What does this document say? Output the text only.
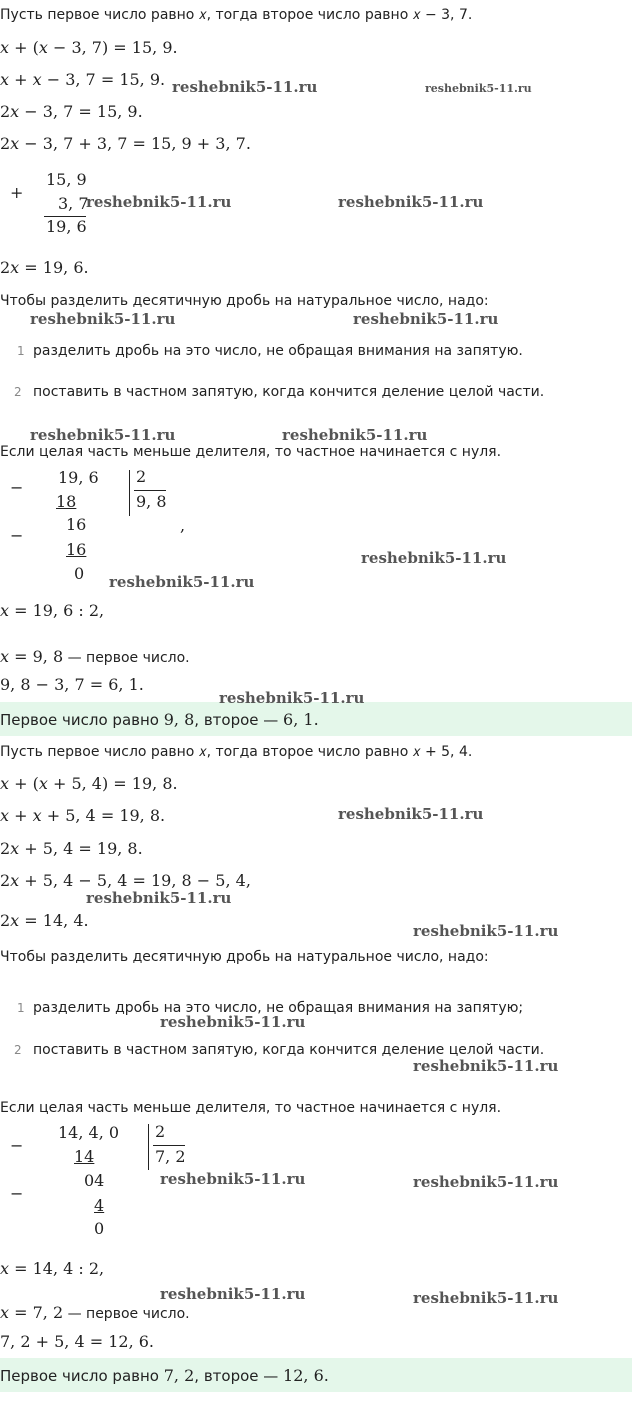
Пусть первое число равно 𝑥, тогда второе число равно 𝑥 − 3, 7.
𝑥 + (𝑥 − 3, 7) = 15, 9.
𝑥 + 𝑥 − 3, 7 = 15, 9.
2𝑥 − 3, 7 = 15, 9.
2𝑥 − 3, 7 + 3, 7 = 15, 9 + 3, 7.
+
15, 9
3, 7
19, 6
2𝑥 = 19, 6.
Чтобы разделить десятичную дробь на натуральное число, надо:
1 разделить дробь на это число, не обращая внимания на запятую.
2 поставить в частном запятую, когда кончится деление целой части.
Если целая часть меньше делителя, то частное начинается с нуля.
−
19, 6
18
−
16
16
0
2
9, 8
,
𝑥 = 19, 6 : 2,
𝑥 = 9, 8 — первое число.
9, 8 − 3, 7 = 6, 1.
Первое число равно 9, 8, второе — 6, 1.
Пусть первое число равно 𝑥, тогда второе число равно 𝑥 + 5, 4.
𝑥 + (𝑥 + 5, 4) = 19, 8.
𝑥 + 𝑥 + 5, 4 = 19, 8.
2𝑥 + 5, 4 = 19, 8.
2𝑥 + 5, 4 − 5, 4 = 19, 8 − 5, 4,
2𝑥 = 14, 4.
Чтобы разделить десятичную дробь на натуральное число, надо:
1 разделить дробь на это число, не обращая внимания на запятую;
2 поставить в частном запятую, когда кончится деление целой части.
Если целая часть меньше делителя, то частное начинается с нуля.
−
14, 4, 0
14
−
04
4
0
2
7, 2
𝑥 = 14, 4 : 2,
𝑥 = 7, 2 — первое число.
7, 2 + 5, 4 = 12, 6.
Первое число равно 7, 2, второе — 12, 6.
reshebnik5-11.ru	reshebnik5-11.ru
reshebnik5-11.ru	reshebnik5-11.ru
reshebnik5-11.ru	reshebnik5-11.ru
reshebnik5-11.ru	reshebnik5-11.ru
reshebnik5-11.ru
reshebnik5-11.ru
reshebnik5-11.ru
reshebnik5-11.ru
reshebnik5-11.ru
reshebnik5-11.ru
reshebnik5-11.ru
reshebnik5-11.ru
reshebnik5-11.ru	reshebnik5-11.ru
reshebnik5-11.ru	reshebnik5-11.ru
